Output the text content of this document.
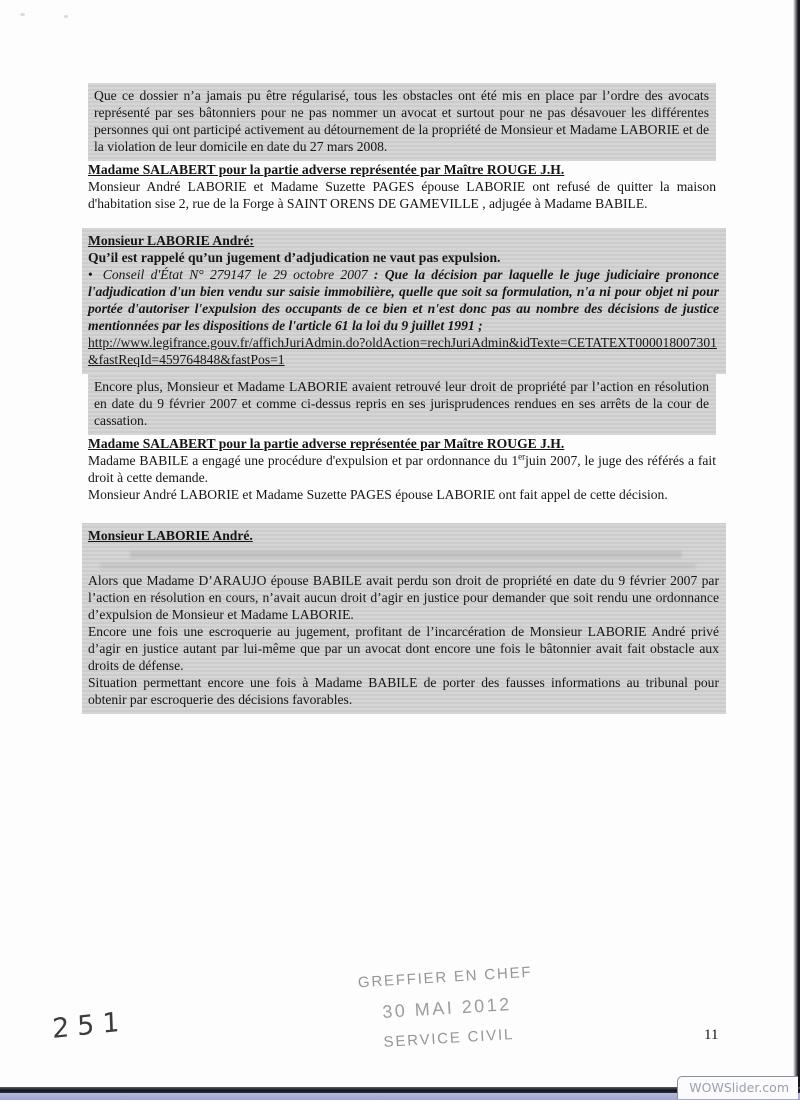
Que ce dossier n’a jamais pu être régularisé, tous les obstacles ont été mis en place par l’ordre des avocats représenté par ses bâtonniers pour ne pas nommer un avocat et surtout pour ne pas désavouer les différentes personnes qui ont participé activement au détournement de la propriété de Monsieur et Madame LABORIE et de la violation de leur domicile en date du 27 mars 2008.

Madame SALABERT pour la partie adverse représentée par Maître ROUGE J.H.

Monsieur André LABORIE et Madame Suzette PAGES épouse LABORIE ont refusé de quitter la maison d'habitation sise 2, rue de la Forge à SAINT ORENS DE GAMEVILLE , adjugée à Madame BABILE.

Monsieur LABORIE André:

Qu’il est rappelé qu’un jugement d’adjudication ne vaut pas expulsion.

• Conseil d'État N° 279147 le 29 octobre 2007 : Que la décision par laquelle le juge judiciaire prononce l'adjudication d'un bien vendu sur saisie immobilière, quelle que soit sa formulation, n'a ni pour objet ni pour portée d'autoriser l'expulsion des occupants de ce bien et n'est donc pas au nombre des décisions de justice mentionnées par les dispositions de l'article 61 la loi du 9 juillet 1991 ;

http://www.legifrance.gouv.fr/affichJuriAdmin.do?oldAction=rechJuriAdmin&idTexte=CETATEXT000018007301&fastReqId=459764848&fastPos=1

Encore plus, Monsieur et Madame LABORIE avaient retrouvé leur droit de propriété par l’action en résolution en date du 9 février 2007 et comme ci-dessus repris en ses jurisprudences rendues en ses arrêts de la cour de cassation.

Madame SALABERT pour la partie adverse représentée par Maître ROUGE J.H.

Madame BABILE a engagé une procédure d'expulsion et par ordonnance du 1erjuin 2007, le juge des référés a fait droit à cette demande.

Monsieur André LABORIE et Madame Suzette PAGES épouse LABORIE ont fait appel de cette décision.

Monsieur LABORIE André.

Alors que Madame D’ARAUJO épouse BABILE avait perdu son droit de propriété en date du 9 février 2007 par l’action en résolution en cours, n’avait aucun droit d’agir en justice pour demander que soit rendu une ordonnance d’expulsion de Monsieur et Madame LABORIE.

Encore une fois une escroquerie au jugement, profitant de l’incarcération de Monsieur LABORIE André privé d’agir en justice autant par lui-même que par un avocat dont encore une fois le bâtonnier avait fait obstacle aux droits de défense.

Situation permettant encore une fois à Madame BABILE de porter des fausses informations au tribunal pour obtenir par escroquerie des décisions favorables.

GREFFIER EN CHEF
30 MAI 2012
SERVICE CIVIL
251	11
WOWSlider.com
